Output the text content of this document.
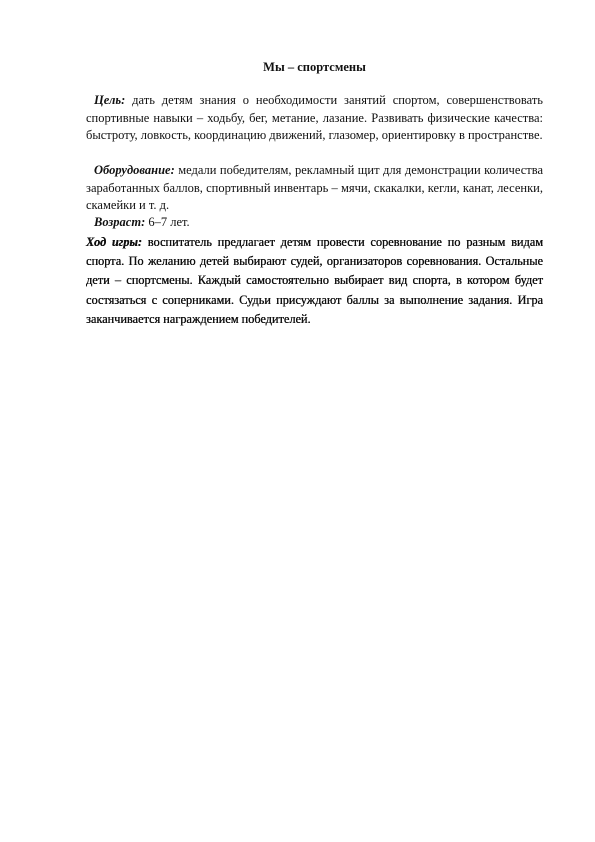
Мы – спортсмены

Цель: дать детям знания о необходимости занятий спортом, совершенствовать спортивные навыки – ходьбу, бег, метание, лазание. Развивать физические качества: быстроту, ловкость, координацию движений, глазомер, ориентировку в пространстве.

Оборудование: медали победителям, рекламный щит для демонстрации количества заработанных баллов, спортивный инвентарь – мячи, скакалки, кегли, канат, лесенки, скамейки и т. д.

Возраст: 6–7 лет.

Ход игры: воспитатель предлагает детям провести соревнование по разным видам спорта. По желанию детей выбирают судей, организаторов соревнования. Остальные дети – спортсмены. Каждый самостоятельно выбирает вид спорта, в котором будет состязаться с соперниками. Судьи присуждают баллы за выполнение задания. Игра заканчивается награждением победителей.
